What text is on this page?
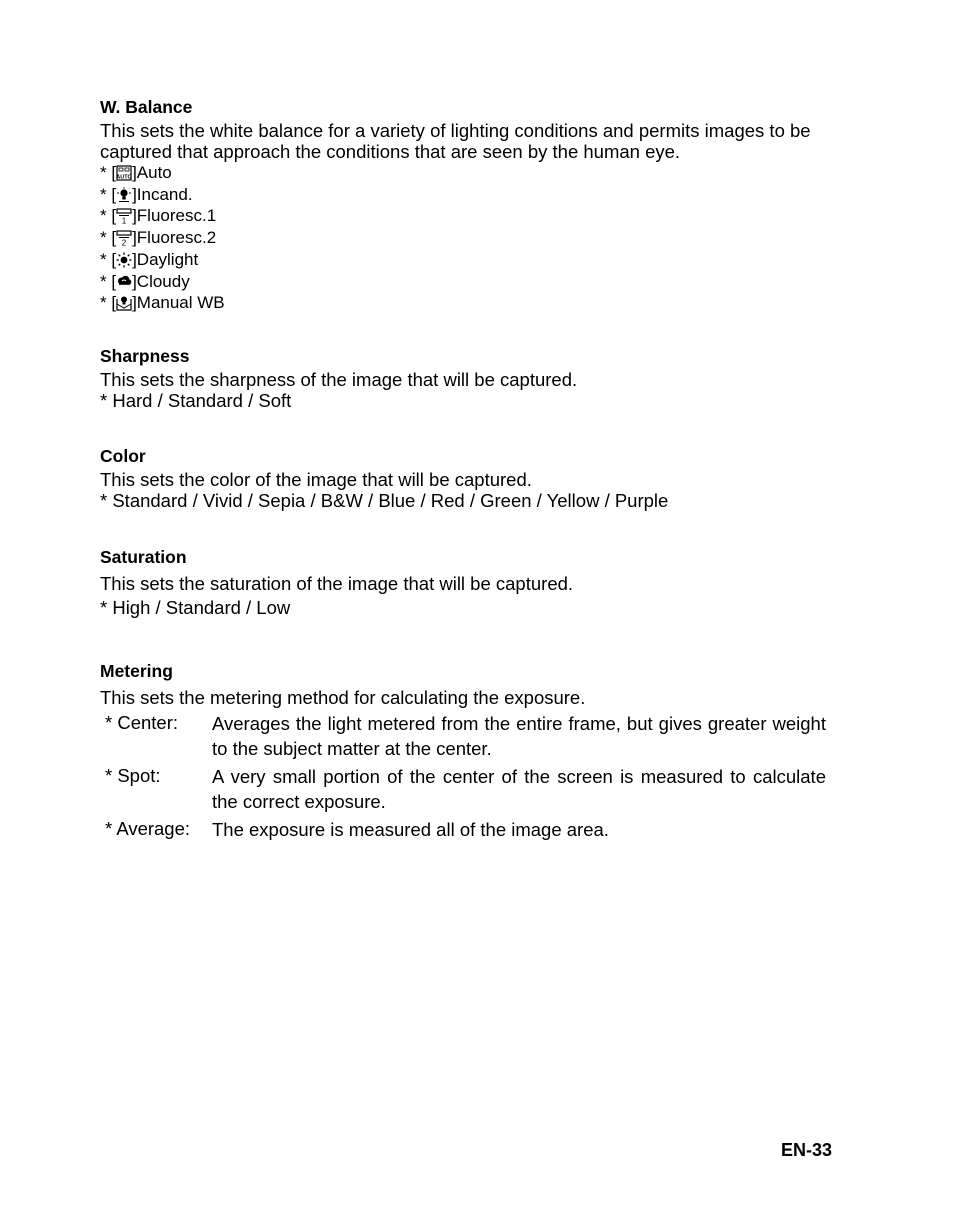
W. Balance

This sets the white balance for a variety of lighting conditions and permits images to be captured that approach the conditions that are seen by the human eye.

* [ AUTO ]Auto
* [ ]Incand.
* [ 1 ]Fluoresc.1
* [ 2 ]Fluoresc.2
* [ ]Daylight
* [ ]Cloudy
* [ ]Manual WB
Sharpness

This sets the sharpness of the image that will be captured.

* Hard / Standard / Soft
Color

This sets the color of the image that will be captured.

* Standard / Vivid / Sepia / B&W / Blue / Red / Green / Yellow / Purple
Saturation

This sets the saturation of the image that will be captured.

* High / Standard / Low
Metering

This sets the metering method for calculating the exposure.

* Center:	Averages the light metered from the entire frame, but gives greater weight to the subject matter at the center.
* Spot:	A very small portion of the center of the screen is measured to calculate the correct exposure.
* Average:	The exposure is measured all of the image area.
EN-33
